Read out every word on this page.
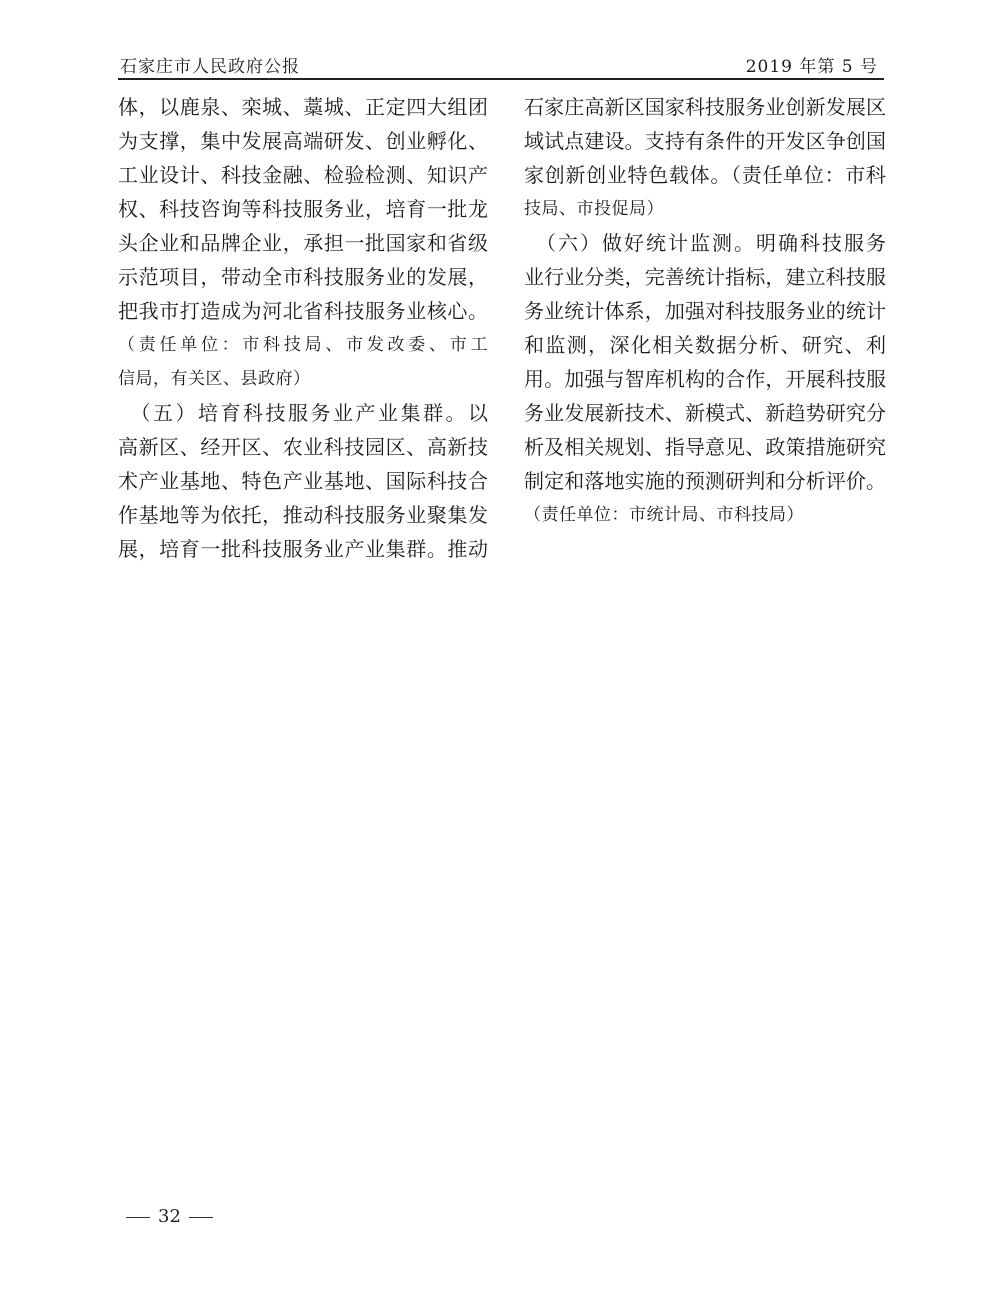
石家庄市人民政府公报	2019 年第 5 号
体，以鹿泉、栾城、藁城、正定四大组团
为支撑，集中发展高端研发、创业孵化、
工业设计、科技金融、检验检测、知识产
权、科技咨询等科技服务业，培育一批龙
头企业和品牌企业，承担一批国家和省级
示范项目，带动全市科技服务业的发展，
把我市打造成为河北省科技服务业核心。
（责任单位：市科技局、市发改委、市工
信局，有关区、县政府）
　（五）培育科技服务业产业集群。以
高新区、经开区、农业科技园区、高新技
术产业基地、特色产业基地、国际科技合
作基地等为依托，推动科技服务业聚集发
展，培育一批科技服务业产业集群。推动
石家庄高新区国家科技服务业创新发展区
域试点建设。支持有条件的开发区争创国
家创新创业特色载体。（责任单位：市科
技局、市投促局）
　（六）做好统计监测。明确科技服务
业行业分类，完善统计指标，建立科技服
务业统计体系，加强对科技服务业的统计
和监测，深化相关数据分析、研究、利
用。加强与智库机构的合作，开展科技服
务业发展新技术、新模式、新趋势研究分
析及相关规划、指导意见、政策措施研究
制定和落地实施的预测研判和分析评价。
（责任单位：市统计局、市科技局）
32
